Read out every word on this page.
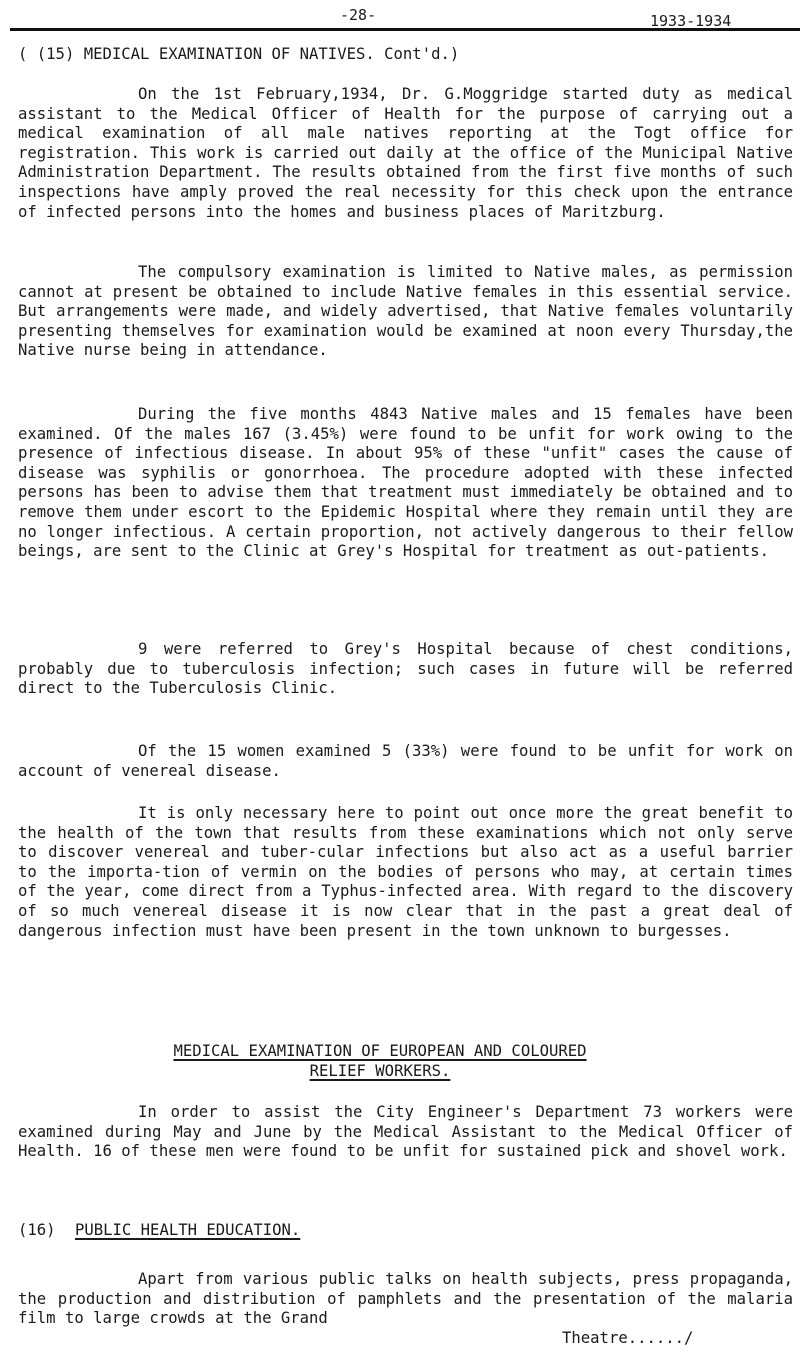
-28-	1933-1934

( (15) MEDICAL EXAMINATION OF NATIVES. Cont'd.)

On the 1st February,1934, Dr. G.Moggridge started duty as medical assistant to the Medical Officer of Health for the purpose of carrying out a medical examination of all male natives reporting at the Togt office for registration. This work is carried out daily at the office of the Municipal Native Administration Department. The results obtained from the first five months of such inspections have amply proved the real necessity for this check upon the entrance of infected persons into the homes and business places of Maritzburg.

The compulsory examination is limited to Native males, as permission cannot at present be obtained to include Native females in this essential service. But arrangements were made, and widely advertised, that Native females voluntarily presenting themselves for examination would be examined at noon every Thursday,the Native nurse being in attendance.

During the five months 4843 Native males and 15 females have been examined. Of the males 167 (3.45%) were found to be unfit for work owing to the presence of infectious disease. In about 95% of these "unfit" cases the cause of disease was syphilis or gonorrhoea. The procedure adopted with these infected persons has been to advise them that treatment must immediately be obtained and to remove them under escort to the Epidemic Hospital where they remain until they are no longer infectious. A certain proportion, not actively dangerous to their fellow beings, are sent to the Clinic at Grey's Hospital for treatment as out-patients.

9 were referred to Grey's Hospital because of chest conditions, probably due to tuberculosis infection; such cases in future will be referred direct to the Tuberculosis Clinic.

Of the 15 women examined 5 (33%) were found to be unfit for work on account of venereal disease.

It is only necessary here to point out once more the great benefit to the health of the town that results from these examinations which not only serve to discover venereal and tuber-cular infections but also act as a useful barrier to the importa-tion of vermin on the bodies of persons who may, at certain times of the year, come direct from a Typhus-infected area. With regard to the discovery of so much venereal disease it is now clear that in the past a great deal of dangerous infection must have been present in the town unknown to burgesses.

MEDICAL EXAMINATION OF EUROPEAN AND COLOURED
RELIEF WORKERS.

In order to assist the City Engineer's Department 73 workers were examined during May and June by the Medical Assistant to the Medical Officer of Health. 16 of these men were found to be unfit for sustained pick and shovel work.

(16) PUBLIC HEALTH EDUCATION.

Apart from various public talks on health subjects, press propaganda, the production and distribution of pamphlets and the presentation of the malaria film to large crowds at the Grand

Theatre....../
